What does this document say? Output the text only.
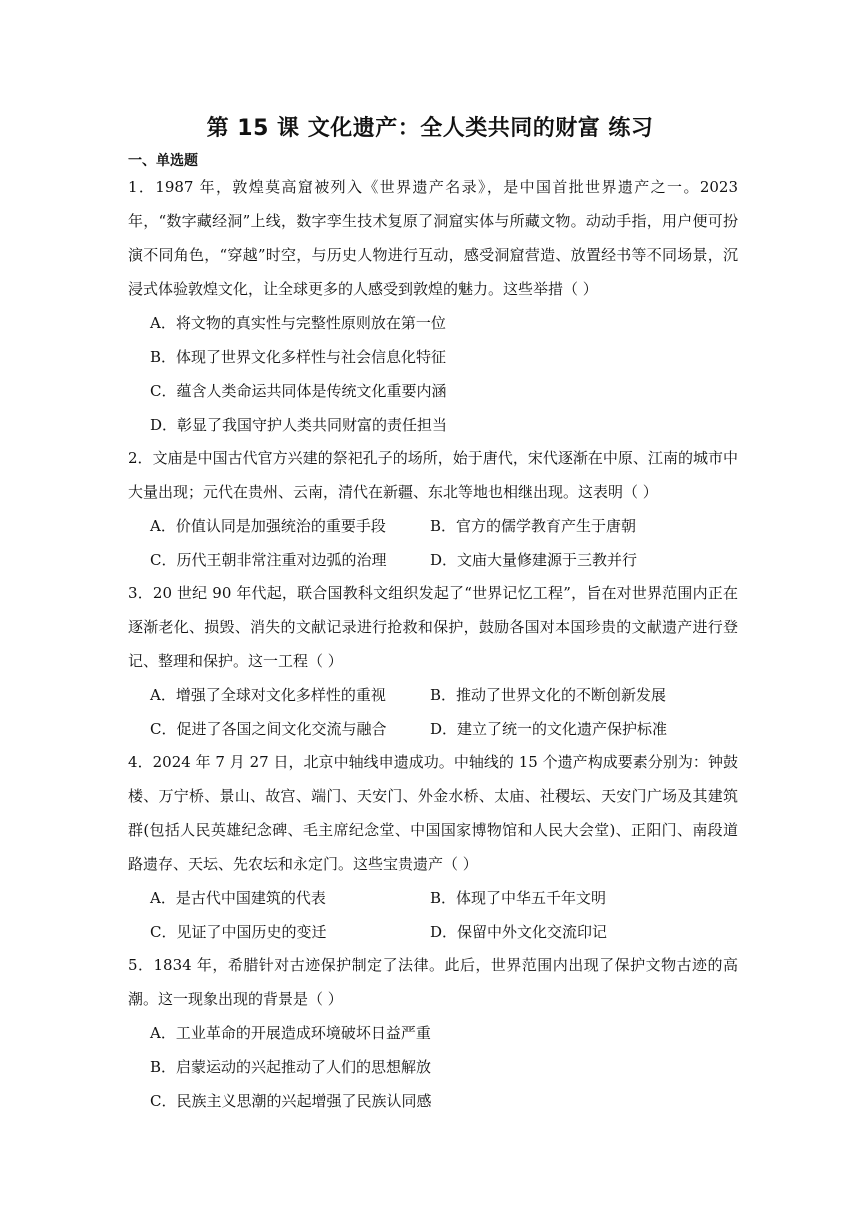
第 15 课 文化遗产：全人类共同的财富 练习
一、单选题

1．1987 年，敦煌莫高窟被列入《世界遗产名录》，是中国首批世界遗产之一。2023 年，“数字藏经洞”上线，数字孪生技术复原了洞窟实体与所藏文物。动动手指，用户便可扮演不同角色，“穿越”时空，与历史人物进行互动，感受洞窟营造、放置经书等不同场景，沉浸式体验敦煌文化，让全球更多的人感受到敦煌的魅力。这些举措（ ）

A．将文物的真实性与完整性原则放在第一位
B．体现了世界文化多样性与社会信息化特征
C．蕴含人类命运共同体是传统文化重要内涵
D．彰显了我国守护人类共同财富的责任担当

2．文庙是中国古代官方兴建的祭祀孔子的场所，始于唐代，宋代逐渐在中原、江南的城市中大量出现；元代在贵州、云南，清代在新疆、东北等地也相继出现。这表明（ ）

A．价值认同是加强统治的重要手段	B．官方的儒学教育产生于唐朝
C．历代王朝非常注重对边弧的治理	D．文庙大量修建源于三教并行

3．20 世纪 90 年代起，联合国教科文组织发起了“世界记忆工程”，旨在对世界范围内正在逐渐老化、损毁、消失的文献记录进行抢救和保护，鼓励各国对本国珍贵的文献遗产进行登记、整理和保护。这一工程（ ）

A．增强了全球对文化多样性的重视	B．推动了世界文化的不断创新发展
C．促进了各国之间文化交流与融合	D．建立了统一的文化遗产保护标准

4．2024 年 7 月 27 日，北京中轴线申遗成功。中轴线的 15 个遗产构成要素分别为：钟鼓楼、万宁桥、景山、故宫、端门、天安门、外金水桥、太庙、社稷坛、天安门广场及其建筑群(包括人民英雄纪念碑、毛主席纪念堂、中国国家博物馆和人民大会堂)、正阳门、南段道路遗存、天坛、先农坛和永定门。这些宝贵遗产（ ）

A．是古代中国建筑的代表	B．体现了中华五千年文明
C．见证了中国历史的变迁	D．保留中外文化交流印记

5．1834 年，希腊针对古迹保护制定了法律。此后，世界范围内出现了保护文物古迹的高潮。这一现象出现的背景是（ ）

A．工业革命的开展造成环境破坏日益严重
B．启蒙运动的兴起推动了人们的思想解放
C．民族主义思潮的兴起增强了民族认同感
